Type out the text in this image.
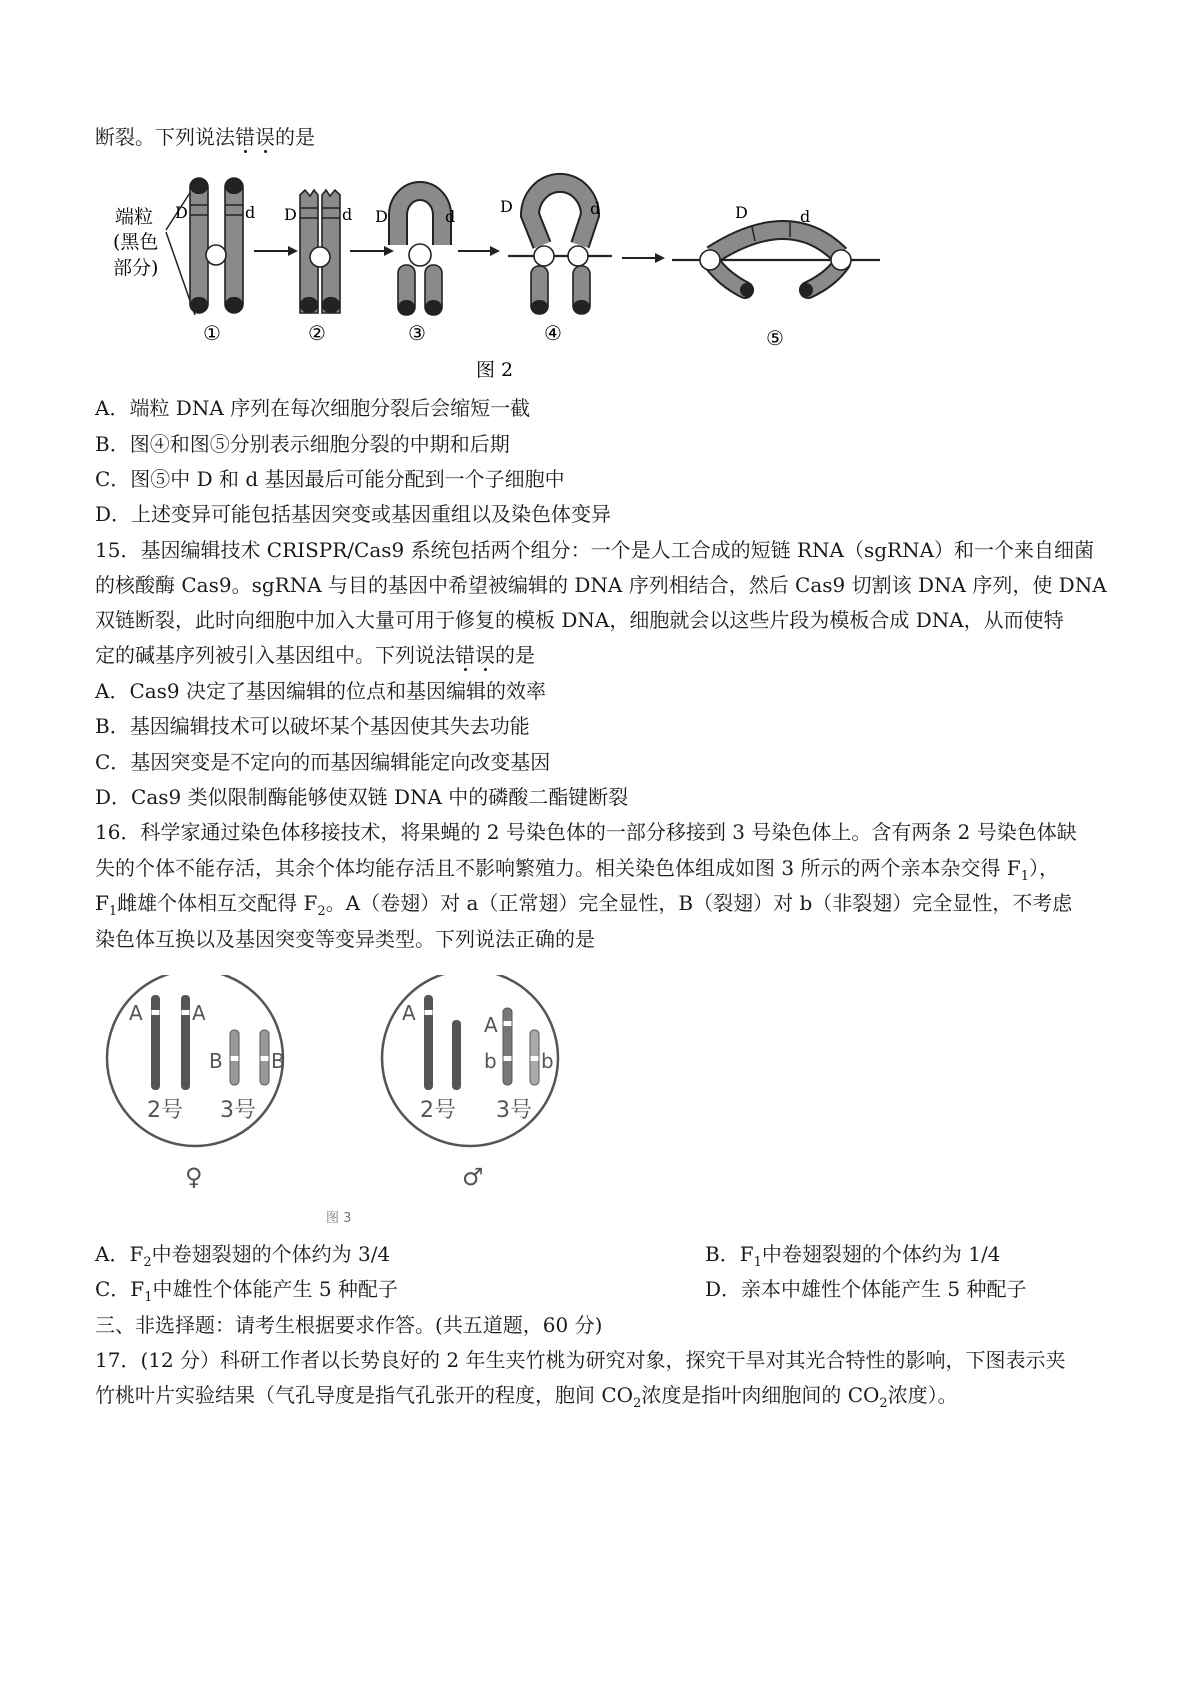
断裂。下列说法错误的是
端粒
(黑色
部分)
D	d
①
D	d
②
D	d
③
D	d
④
D	d
⑤
图 2
A．端粒 DNA 序列在每次细胞分裂后会缩短一截
B．图④和图⑤分别表示细胞分裂的中期和后期
C．图⑤中 D 和 d 基因最后可能分配到一个子细胞中
D．上述变异可能包括基因突变或基因重组以及染色体变异
15．基因编辑技术 CRISPR/Cas9 系统包括两个组分：一个是人工合成的短链 RNA（sgRNA）和一个来自细菌
的核酸酶 Cas9。sgRNA 与目的基因中希望被编辑的 DNA 序列相结合，然后 Cas9 切割该 DNA 序列，使 DNA
双链断裂，此时向细胞中加入大量可用于修复的模板 DNA，细胞就会以这些片段为模板合成 DNA，从而使特
定的碱基序列被引入基因组中。下列说法错误的是
A．Cas9 决定了基因编辑的位点和基因编辑的效率
B．基因编辑技术可以破坏某个基因使其失去功能
C．基因突变是不定向的而基因编辑能定向改变基因
D．Cas9 类似限制酶能够使双链 DNA 中的磷酸二酯键断裂
16．科学家通过染色体移接技术，将果蝇的 2 号染色体的一部分移接到 3 号染色体上。含有两条 2 号染色体缺
失的个体不能存活，其余个体均能存活且不影响繁殖力。相关染色体组成如图 3 所示的两个亲本杂交得 $F_1$），
$F_1$雌雄个体相互交配得 $F_2$。A（卷翅）对 a（正常翅）完全显性，B（裂翅）对 b（非裂翅）完全显性，不考虑
染色体互换以及基因突变等变异类型。下列说法正确的是
A A
B B
2号 3号
♀
A	A
b b
2号 3号
♂
图 3
A．$F_2$中卷翅裂翅的个体约为 3/4	B．$F_1$中卷翅裂翅的个体约为 1/4
C．$F_1$中雄性个体能产生 5 种配子	D．亲本中雄性个体能产生 5 种配子
三、非选择题：请考生根据要求作答。(共五道题，60 分)
17．(12 分）科研工作者以长势良好的 2 年生夹竹桃为研究对象，探究干旱对其光合特性的影响，下图表示夹
竹桃叶片实验结果（气孔导度是指气孔张开的程度，胞间 $CO_2$浓度是指叶肉细胞间的 $CO_2$浓度）。
